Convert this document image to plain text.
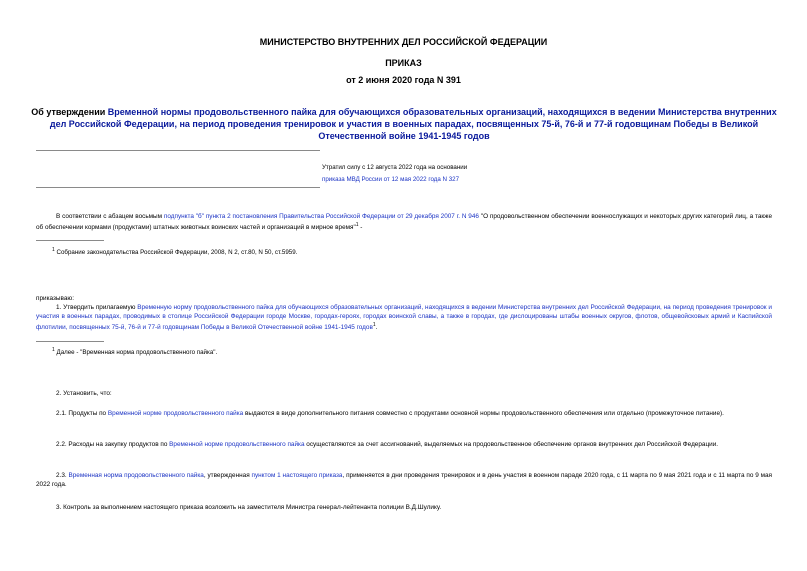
МИНИСТЕРСТВО ВНУТРЕННИХ ДЕЛ РОССИЙСКОЙ ФЕДЕРАЦИИ
ПРИКАЗ
от 2 июня 2020 года N 391
Об утверждении Временной нормы продовольственного пайка для обучающихся образовательных организаций, находящихся в ведении Министерства внутренних дел Российской Федерации, на период проведения тренировок и участия в военных парадах, посвященных 75-й, 76-й и 77-й годовщинам Победы в Великой Отечественной войне 1941-1945 годов
Утратил силу с 12 августа 2022 года на основании
приказа МВД России от 12 мая 2022 года N 327
В соответствии с абзацем восьмым подпункта "б" пункта 2 постановления Правительства Российской Федерации от 29 декабря 2007 г. N 946 "О продовольственном обеспечении военнослужащих и некоторых других категорий лиц, а также об обеспечении кормами (продуктами) штатных животных воинских частей и организаций в мирное время"$^1$ -
$^1$ Собрание законодательства Российской Федерации, 2008, N 2, ст.80, N 50, ст.5959.
приказываю:
1. Утвердить прилагаемую Временную норму продовольственного пайка для обучающихся образовательных организаций, находящихся в ведении Министерства внутренних дел Российской Федерации, на период проведения тренировок и участия в военных парадах, проводимых в столице Российской Федерации городе Москве, городах-героях, городах воинской славы, а также в городах, где дислоцированы штабы военных округов, флотов, общевойсковых армий и Каспийской флотилии, посвященных 75-й, 76-й и 77-й годовщинам Победы в Великой Отечественной войне 1941-1945 годов$^1$.
$^1$ Далее - "Временная норма продовольственного пайка".
2. Установить, что:
2.1. Продукты по Временной норме продовольственного пайка выдаются в виде дополнительного питания совместно с продуктами основной нормы продовольственного обеспечения или отдельно (промежуточное питание).
2.2. Расходы на закупку продуктов по Временной норме продовольственного пайка осуществляются за счет ассигнований, выделяемых на продовольственное обеспечение органов внутренних дел Российской Федерации.
2.3. Временная норма продовольственного пайка, утвержденная пунктом 1 настоящего приказа, применяется в дни проведения тренировок и в день участия в военном параде 2020 года, с 11 марта по 9 мая 2021 года и с 11 марта по 9 мая 2022 года.
3. Контроль за выполнением настоящего приказа возложить на заместителя Министра генерал-лейтенанта полиции В.Д.Шулику.
